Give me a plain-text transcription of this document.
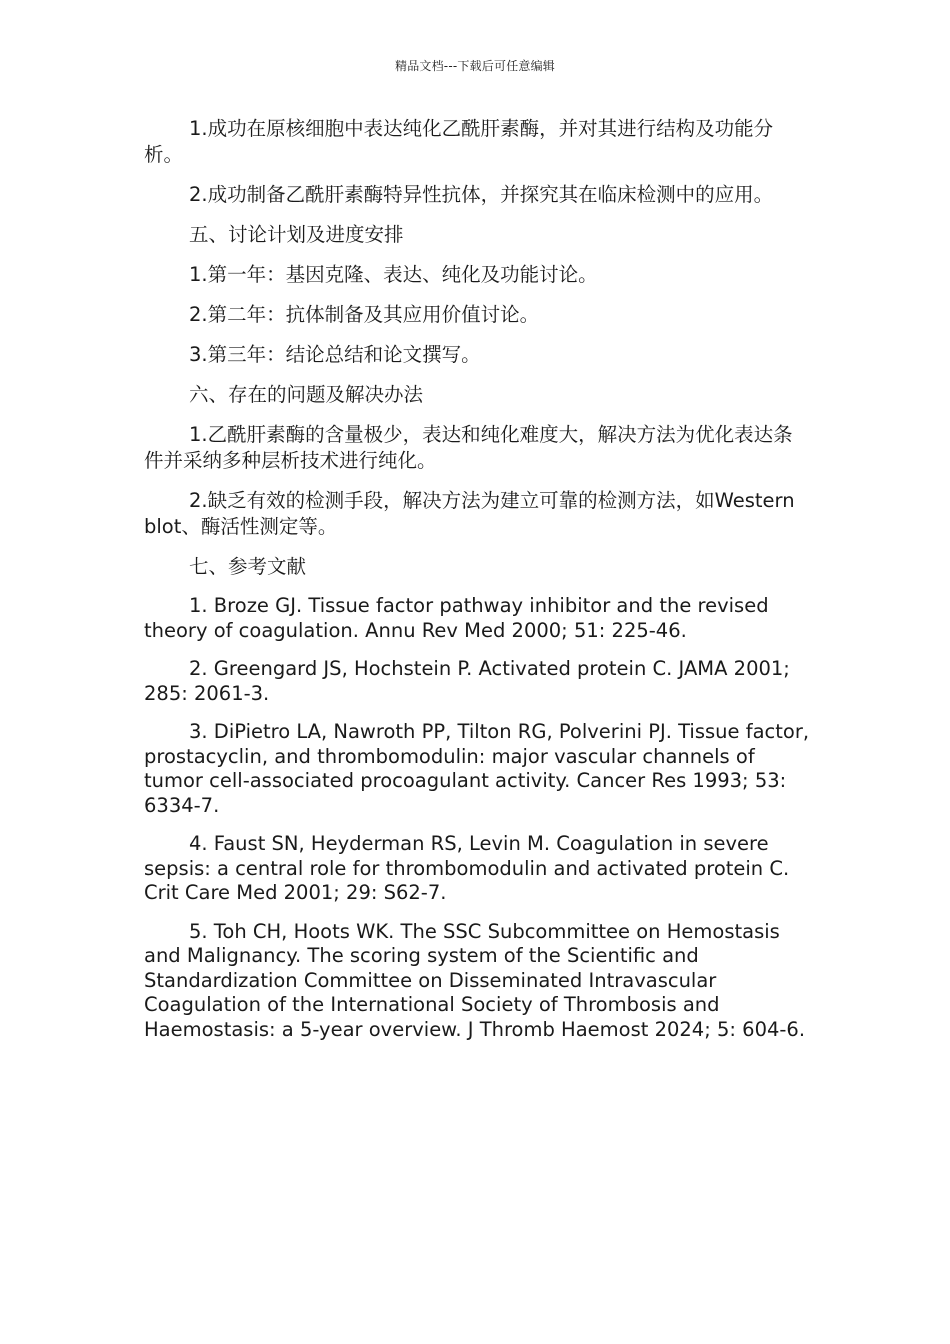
精品文档---下载后可任意编辑

1.成功在原核细胞中表达纯化乙酰肝素酶，并对其进行结构及功能分析。

2.成功制备乙酰肝素酶特异性抗体，并探究其在临床检测中的应用。

五、讨论计划及进度安排

1.第一年：基因克隆、表达、纯化及功能讨论。

2.第二年：抗体制备及其应用价值讨论。

3.第三年：结论总结和论文撰写。

六、存在的问题及解决办法

1.乙酰肝素酶的含量极少，表达和纯化难度大，解决方法为优化表达条件并采纳多种层析技术进行纯化。

2.缺乏有效的检测手段，解决方法为建立可靠的检测方法，如Western blot、酶活性测定等。

七、参考文献

1. Broze GJ. Tissue factor pathway inhibitor and the revised theory of coagulation. Annu Rev Med 2000; 51: 225-46.

2. Greengard JS, Hochstein P. Activated protein C. JAMA 2001; 285: 2061-3.

3. DiPietro LA, Nawroth PP, Tilton RG, Polverini PJ. Tissue factor, prostacyclin, and thrombomodulin: major vascular channels of tumor cell-associated procoagulant activity. Cancer Res 1993; 53: 6334-7.

4. Faust SN, Heyderman RS, Levin M. Coagulation in severe sepsis: a central role for thrombomodulin and activated protein C. Crit Care Med 2001; 29: S62-7.

5. Toh CH, Hoots WK. The SSC Subcommittee on Hemostasis and Malignancy. The scoring system of the Scientific and Standardization Committee on Disseminated Intravascular Coagulation of the International Society of Thrombosis and Haemostasis: a 5-year overview. J Thromb Haemost 2024; 5: 604-6.
